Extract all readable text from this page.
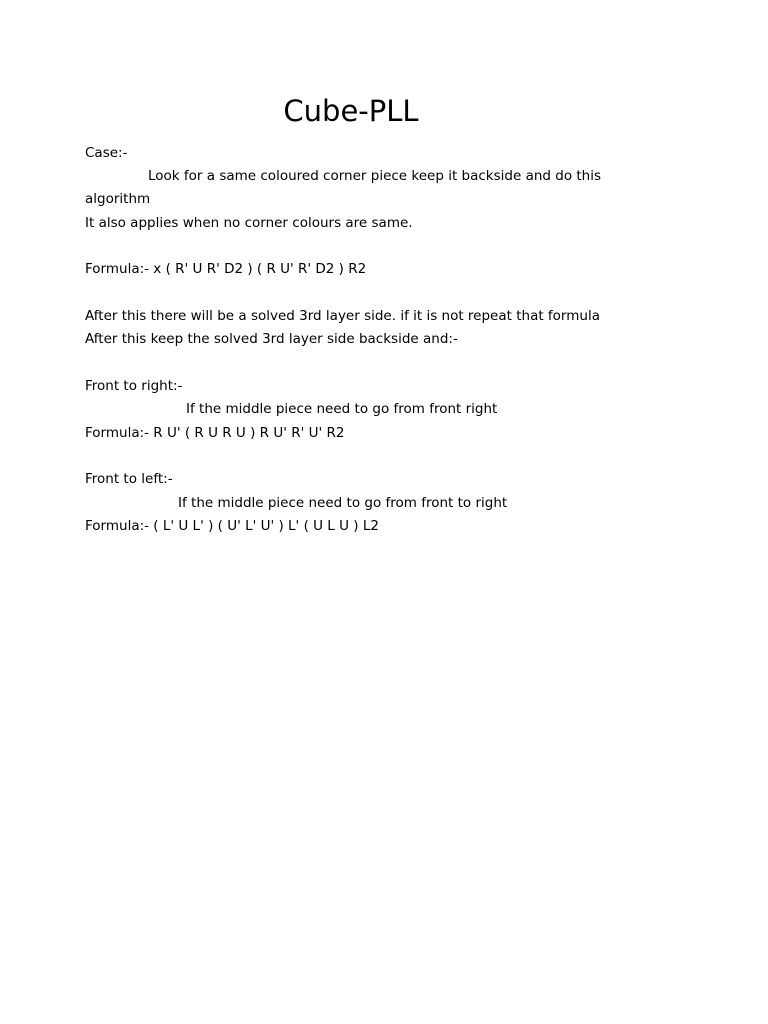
Cube-PLL
Case:-
Look for a same coloured corner piece keep it backside and do this
algorithm
It also applies when no corner colours are same.
Formula:- x ( R' U R' D2 ) ( R U' R' D2 ) R2
After this there will be a solved 3rd layer side. if it is not repeat that formula
After this keep the solved 3rd layer side backside and:-
Front to right:-
If the middle piece need to go from front right
Formula:- R U' ( R U R U ) R U' R' U' R2
Front to left:-
If the middle piece need to go from front to right
Formula:- ( L' U L' ) ( U' L' U' ) L' ( U L U ) L2
